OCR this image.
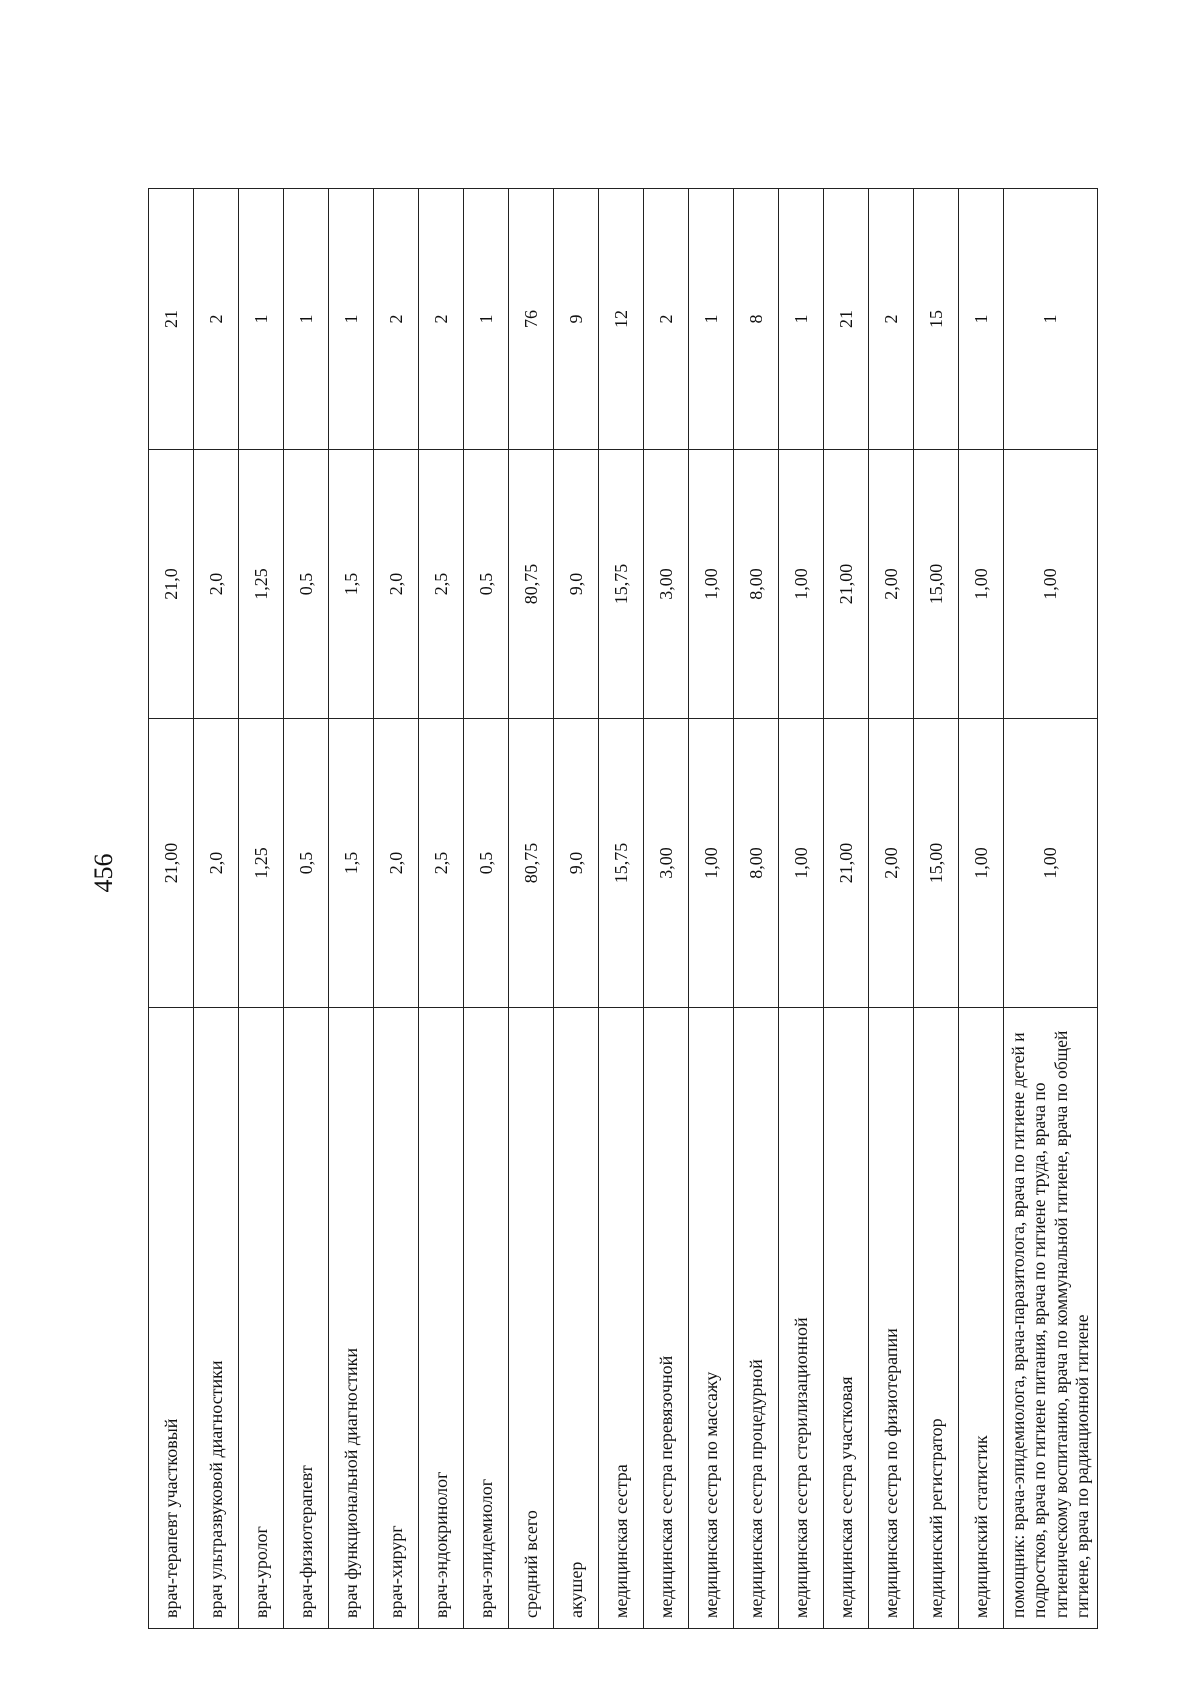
456
врач-терапевт участковый	21,00	21,0	21
врач ультразвуковой диагностики	2,0	2,0	2
врач-уролог	1,25	1,25	1
врач-физиотерапевт	0,5	0,5	1
врач функциональной диагностики	1,5	1,5	1
врач-хирург	2,0	2,0	2
врач-эндокринолог	2,5	2,5	2
врач-эпидемиолог	0,5	0,5	1
средний всего	80,75	80,75	76
акушер	9,0	9,0	9
медицинская сестра	15,75	15,75	12
медицинская сестра перевязочной	3,00	3,00	2
медицинская сестра по массажу	1,00	1,00	1
медицинская сестра процедурной	8,00	8,00	8
медицинская сестра стерилизационной	1,00	1,00	1
медицинская сестра участковая	21,00	21,00	21
медицинская сестра по физиотерапии	2,00	2,00	2
медицинский регистратор	15,00	15,00	15
медицинский статистик	1,00	1,00	1
помощник: врача-эпидемиолога, врача-паразитолога, врача по гигиене детей и подростков, врача по гигиене питания, врача по гигиене труда, врача по гигиеническому воспитанию, врача по коммунальной гигиене, врача по общей гигиене, врача по радиационной гигиене	1,00	1,00	1
